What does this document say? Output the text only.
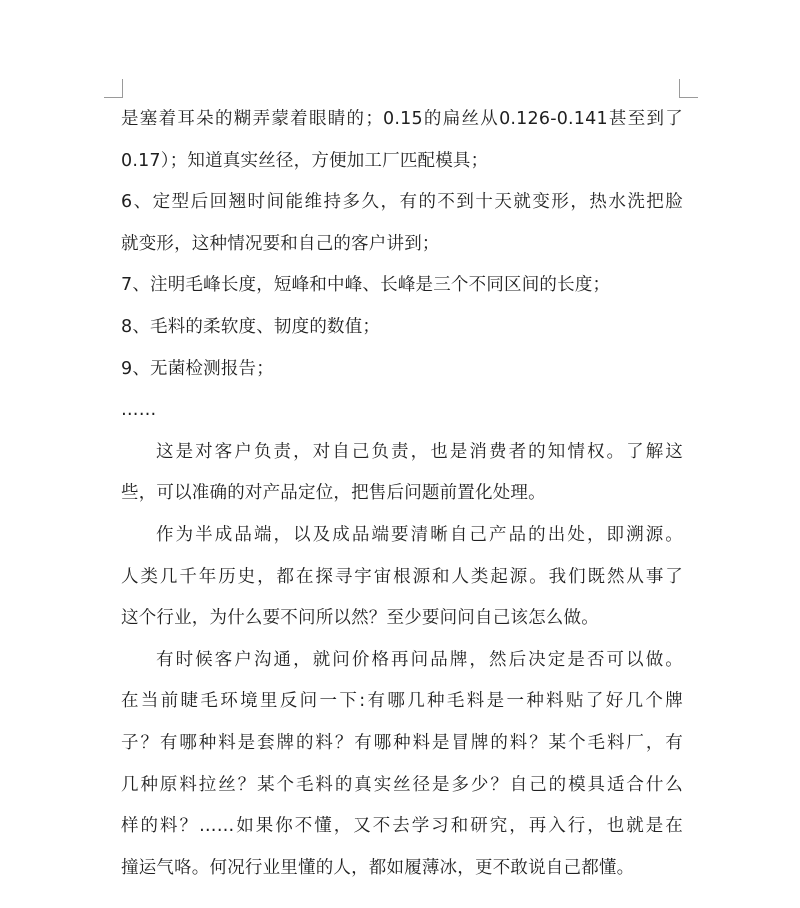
是塞着耳朵的糊弄蒙着眼睛的；0.15的扁丝从0.126-0.141甚至到了
0.17）；知道真实丝径，方便加工厂匹配模具；
6、定型后回翘时间能维持多久，有的不到十天就变形，热水洗把脸
就变形，这种情况要和自己的客户讲到；
7、注明毛峰长度，短峰和中峰、长峰是三个不同区间的长度；
8、毛料的柔软度、韧度的数值；
9、无菌检测报告；
……
这是对客户负责，对自己负责，也是消费者的知情权。了解这
些，可以准确的对产品定位，把售后问题前置化处理。
作为半成品端，以及成品端要清晰自己产品的出处，即溯源。
人类几千年历史，都在探寻宇宙根源和人类起源。我们既然从事了
这个行业，为什么要不问所以然？至少要问问自己该怎么做。
有时候客户沟通，就问价格再问品牌，然后决定是否可以做。
在当前睫毛环境里反问一下:有哪几种毛料是一种料贴了好几个牌
子？有哪种料是套牌的料？有哪种料是冒牌的料？某个毛料厂，有
几种原料拉丝？某个毛料的真实丝径是多少？自己的模具适合什么
样的料？……如果你不懂，又不去学习和研究，再入行，也就是在
撞运气咯。何况行业里懂的人，都如履薄冰，更不敢说自己都懂。
